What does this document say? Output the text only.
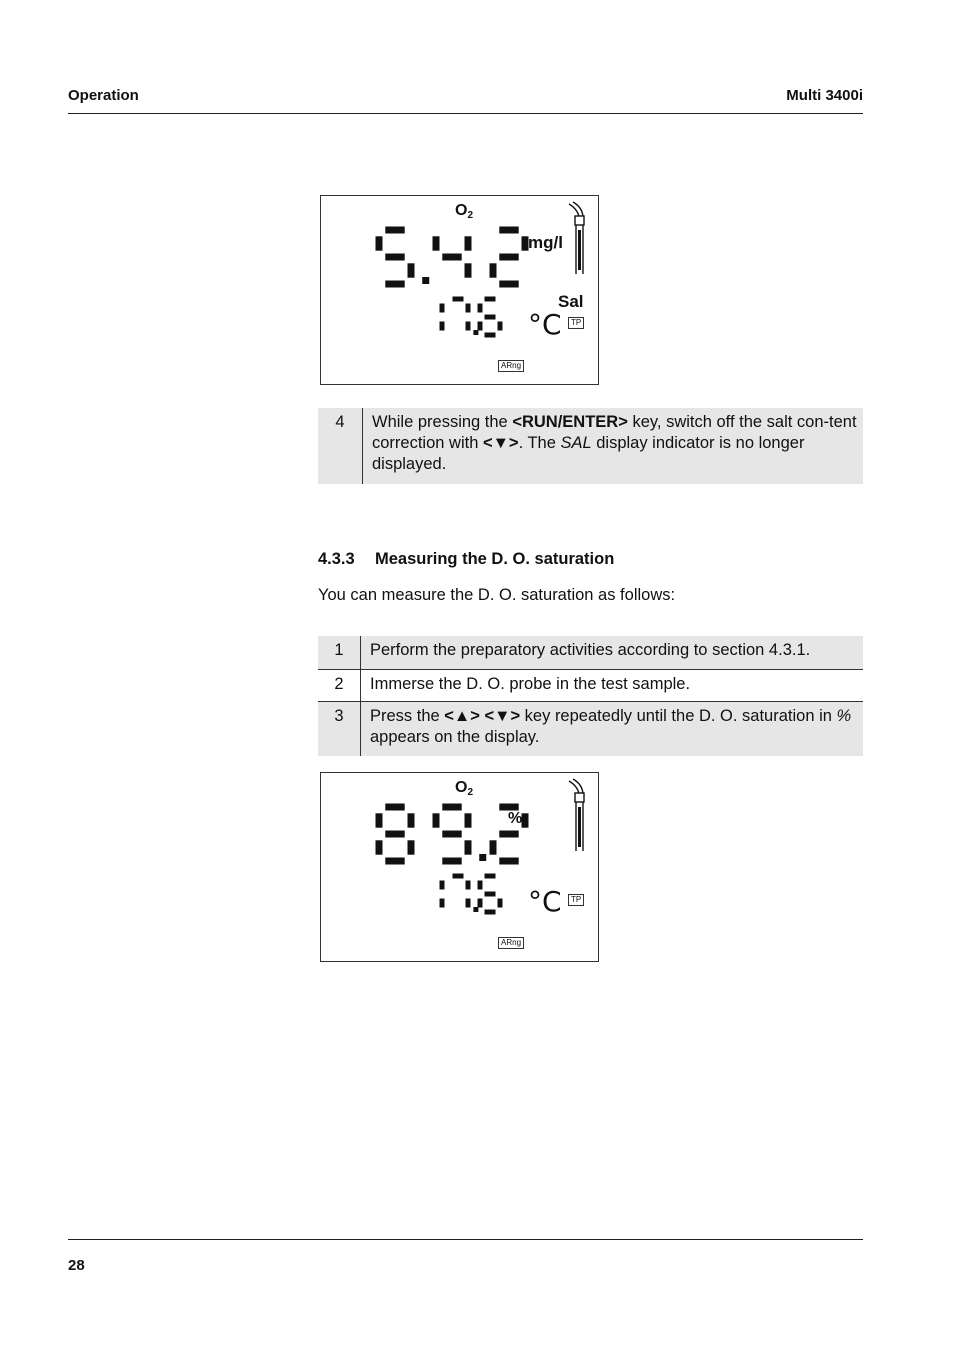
Operation	Multi 3400i
$O_2$
mg/l
Sal
°C	TP
ARng
4	While pressing the <RUN/ENTER> key, switch off the salt con-tent correction with <▼>. The SAL display indicator is no longer displayed.
4.3.3 Measuring the D. O. saturation
You can measure the D. O. saturation as follows:
1	Perform the preparatory activities according to section 4.3.1.
2	Immerse the D. O. probe in the test sample.
3	Press the <▲> <▼> key repeatedly until the D. O. saturation in % appears on the display.
$O_2$
%
°C	TP
ARng
28
